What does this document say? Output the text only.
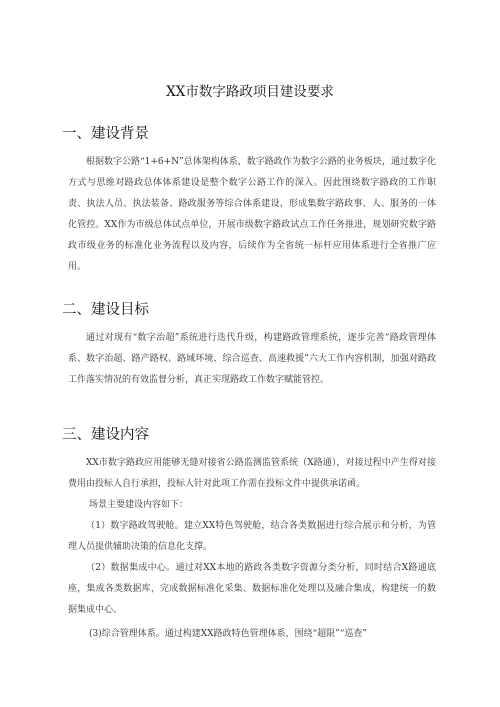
XX市数字路政项目建设要求
一、建设背景
根据数字公路“1+6+N”总体架构体系，数字路政作为数字公路的业务板块，通过数字化方式与思维对路政总体体系建设是整个数字公路工作的深入。因此围绕数字路政的工作职责、执法人员、执法装备、路政服务等综合体系建设，形成集数字路政事、人、服务的一体化管控。XX作为市级总体试点单位，开展市级数字路政试点工作任务推进，规划研究数字路政市级业务的标准化业务流程以及内容，后续作为全省统一标杆应用体系进行全省推广应用。
二、建设目标
通过对现有“数字治超”系统进行迭代升级，构建路政管理系统，逐步完善“路政管理体系、数字治超、路产路权、路域环境、综合巡查、高速救援”六大工作内容机制，加强对路政工作落实情况的有效监督分析，真正实现路政工作数字赋能管控。
三、建设内容
XX市数字路政应用能够无缝对接省公路监测监管系统（X路通），对接过程中产生得对接费用由投标人自行承担，投标人针对此项工作需在投标文件中提供承诺函。
场景主要建设内容如下：
（1）数字路政驾驶舱。建立XX特色驾驶舱，结合各类数据进行综合展示和分析，为管理人员提供辅助决策的信息化支撑。
（2）数据集成中心。通过对XX本地的路政各类数字资源分类分析，同时结合X路通底座，集成各类数据库，完成数据标准化采集、数据标准化处理以及融合集成，构建统一的数据集成中心。
(3)综合管理体系。通过构建XX路政特色管理体系，围绕“超限”“巡查”
